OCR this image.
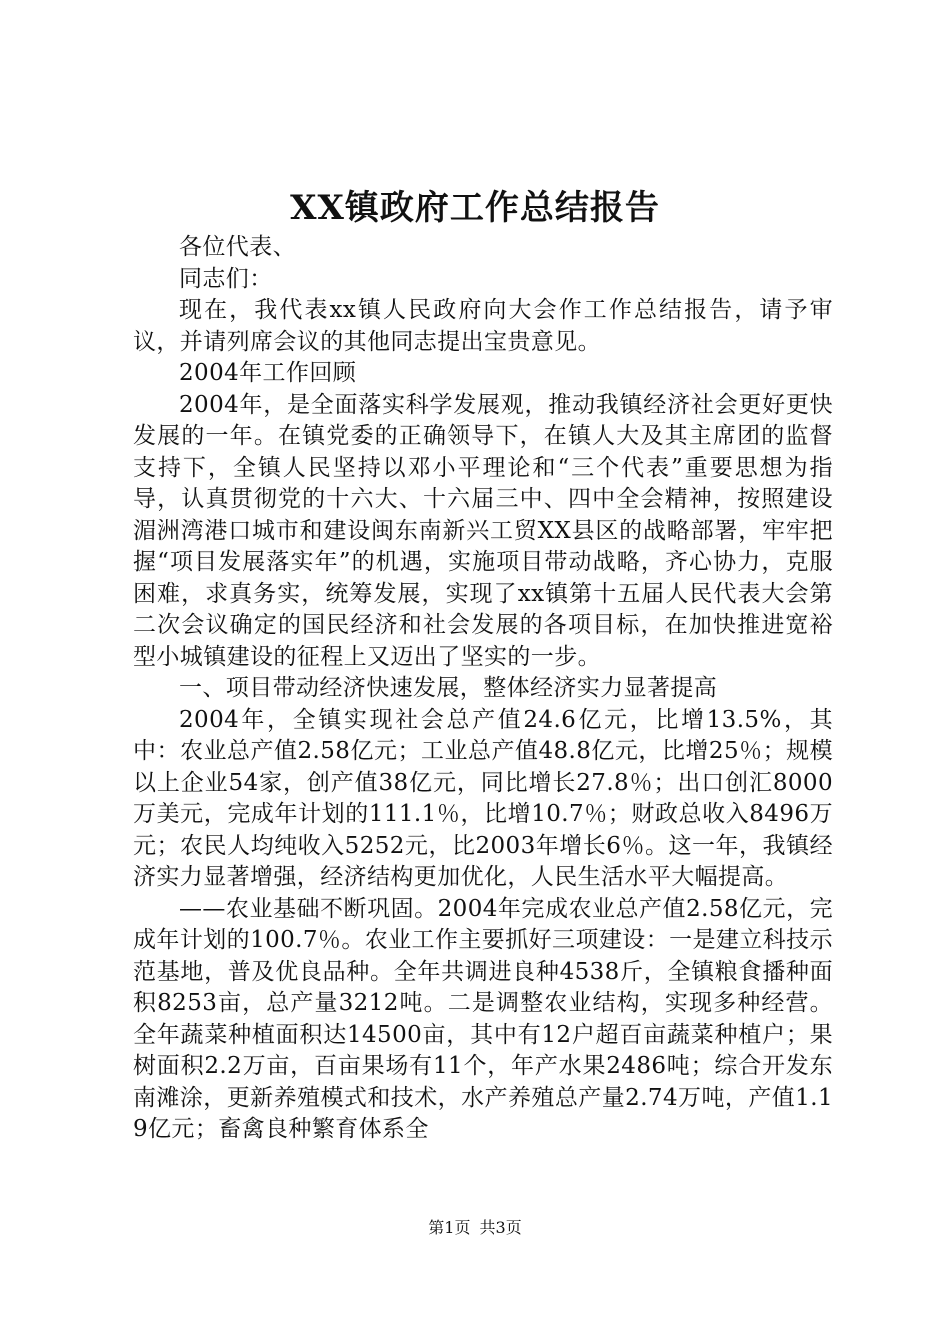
XX镇政府工作总结报告

各位代表、

同志们：

现在，我代表xx镇人民政府向大会作工作总结报告，请予审议，并请列席会议的其他同志提出宝贵意见。

2004年工作回顾

2004年，是全面落实科学发展观，推动我镇经济社会更好更快发展的一年。在镇党委的正确领导下，在镇人大及其主席团的监督支持下，全镇人民坚持以邓小平理论和“三个代表”重要思想为指导，认真贯彻党的十六大、十六届三中、四中全会精神，按照建设湄洲湾港口城市和建设闽东南新兴工贸XX县区的战略部署，牢牢把握“项目发展落实年”的机遇，实施项目带动战略，齐心协力，克服困难，求真务实，统筹发展，实现了xx镇第十五届人民代表大会第二次会议确定的国民经济和社会发展的各项目标，在加快推进宽裕型小城镇建设的征程上又迈出了坚实的一步。

一、项目带动经济快速发展，整体经济实力显著提高

2004年，全镇实现社会总产值24.6亿元，比增13.5%，其中：农业总产值2.58亿元；工业总产值48.8亿元，比增25％；规模以上企业54家，创产值38亿元，同比增长27.8％；出口创汇8000万美元，完成年计划的111.1％，比增10.7％；财政总收入8496万元；农民人均纯收入5252元，比2003年增长6％。这一年，我镇经济实力显著增强，经济结构更加优化，人民生活水平大幅提高。

——农业基础不断巩固。2004年完成农业总产值2.58亿元，完成年计划的100.7％。农业工作主要抓好三项建设：一是建立科技示范基地，普及优良品种。全年共调进良种4538斤，全镇粮食播种面积8253亩，总产量3212吨。二是调整农业结构，实现多种经营。全年蔬菜种植面积达14500亩，其中有12户超百亩蔬菜种植户；果树面积2.2万亩，百亩果场有11个，年产水果2486吨；综合开发东南滩涂，更新养殖模式和技术，水产养殖总产量2.74万吨，产值1.19亿元；畜禽良种繁育体系全

第1页 共3页
